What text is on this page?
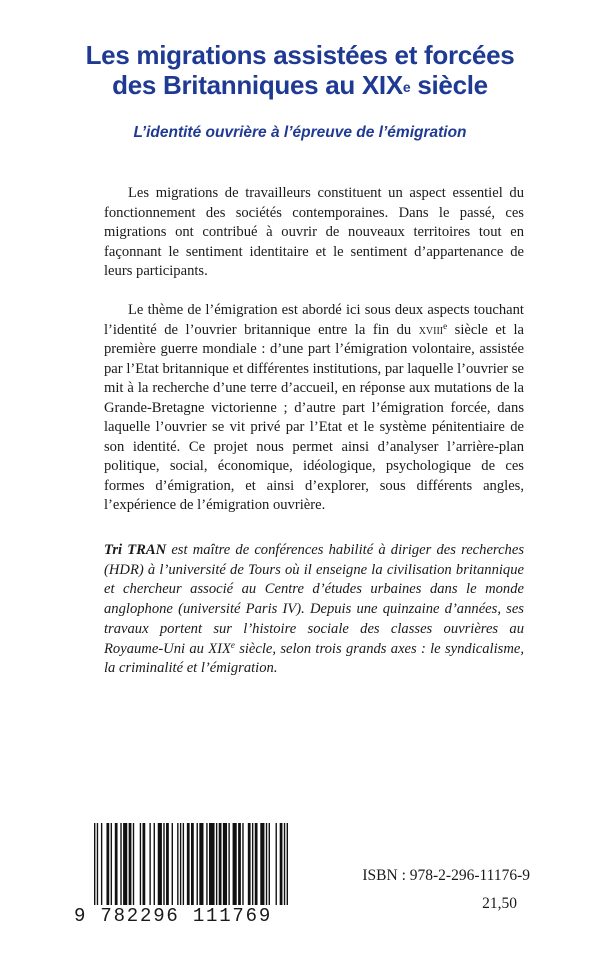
Les migrations assistées et forcées
des Britanniques au XIXe siècle
L’identité ouvrière à l’épreuve de l’émigration

Les migrations de travailleurs constituent un aspect essentiel du fonctionnement des sociétés contemporaines. Dans le passé, ces migrations ont contribué à ouvrir de nouveaux territoires tout en façonnant le sentiment identitaire et le sentiment d’appartenance de leurs participants.

Le thème de l’émigration est abordé ici sous deux aspects touchant l’identité de l’ouvrier britannique entre la fin du xviii$^e$ siècle et la première guerre mondiale : d’une part l’émigration volontaire, assistée par l’Etat britannique et différentes institutions, par laquelle l’ouvrier se mit à la recherche d’une terre d’accueil, en réponse aux mutations de la Grande-Bretagne victorienne ; d’autre part l’émigration forcée, dans laquelle l’ouvrier se vit privé par l’Etat et le système pénitentiaire de son identité. Ce projet nous permet ainsi d’analyser l’arrière-plan politique, social, économique, idéologique, psychologique de ces formes d’émigration, et ainsi d’explorer, sous différents angles, l’expérience de l’émigration ouvrière.

Tri TRAN est maître de conférences habilité à diriger des recherches (HDR) à l’université de Tours où il enseigne la civilisation britannique et chercheur associé au Centre d’études urbaines dans le monde anglophone (université Paris IV). Depuis une quinzaine d’années, ses travaux portent sur l’histoire sociale des classes ouvrières au Royaume-Uni au XIXe siècle, selon trois grands axes : le syndicalisme, la criminalité et l’émigration.

9 782296 111769
ISBN : 978-2-296-11176-9
21,50
